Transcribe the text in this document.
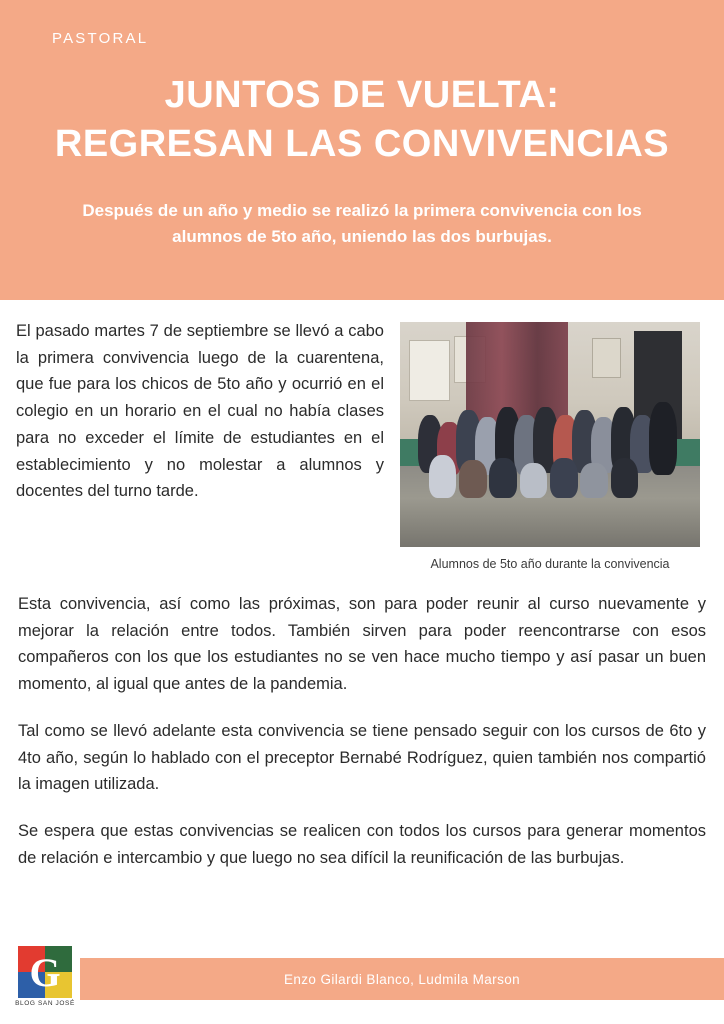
PASTORAL
JUNTOS DE VUELTA: REGRESAN LAS CONVIVENCIAS
Después de un año y medio se realizó la primera convivencia con los alumnos de 5to año, uniendo las dos burbujas.
El pasado martes 7 de septiembre se llevó a cabo la primera convivencia luego de la cuarentena, que fue para los chicos de 5to año y ocurrió en el colegio en un horario en el cual no había clases para no exceder el límite de estudiantes en el establecimiento y no molestar a alumnos y docentes del turno tarde.
Alumnos de 5to año durante la convivencia
Esta convivencia, así como las próximas, son para poder reunir al curso nuevamente y mejorar la relación entre todos. También sirven para poder reencontrarse con esos compañeros con los que los estudiantes no se ven hace mucho tiempo y así pasar un buen momento, al igual que antes de la pandemia.
Tal como se llevó adelante esta convivencia se tiene pensado seguir con los cursos de 6to y 4to año, según lo hablado con el preceptor Bernabé Rodríguez, quien también nos compartió la imagen utilizada.
Se espera que estas convivencias se realicen con todos los cursos para generar momentos de relación e intercambio y que luego no sea difícil la reunificación de las burbujas.
Enzo Gilardi Blanco, Ludmila Marson
G
BLOG SAN JOSÉ
